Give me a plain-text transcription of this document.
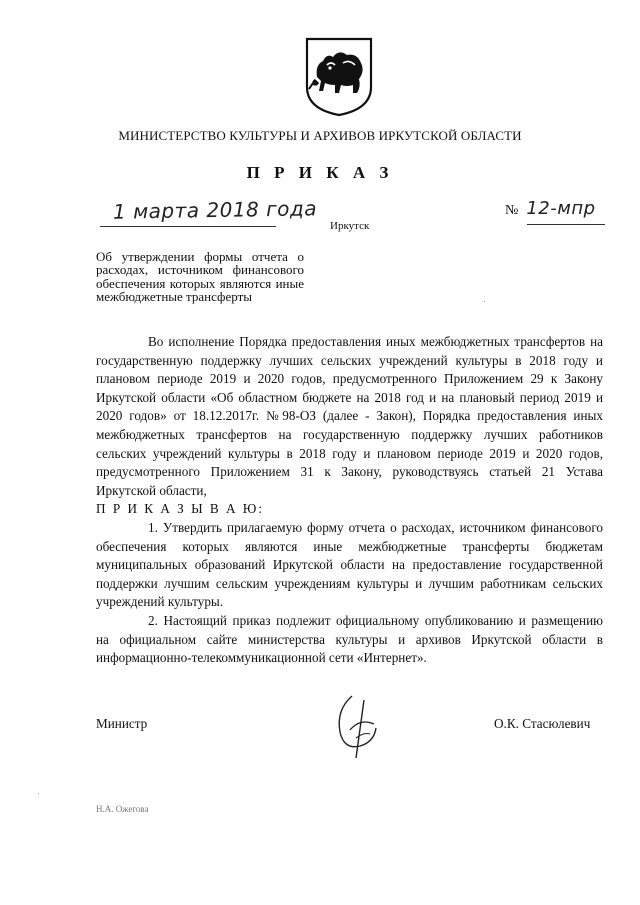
МИНИСТЕРСТВО КУЛЬТУРЫ И АРХИВОВ ИРКУТСКОЙ ОБЛАСТИ
П Р И К А З
1 марта 2018 года
Иркутск
№ 12-мпр
Об утверждении формы отчета о расходах, источником финансового обеспечения которых являются иные межбюджетные трансферты

Во исполнение Порядка предоставления иных межбюджетных трансфертов на государственную поддержку лучших сельских учреждений культуры в 2018 году и плановом периоде 2019 и 2020 годов, предусмотренного Приложением 29 к Закону Иркутской области «Об областном бюджете на 2018 год и на плановый период 2019 и 2020 годов» от 18.12.2017г. №98-ОЗ (далее - Закон), Порядка предоставления иных межбюджетных трансфертов на государственную поддержку лучших работников сельских учреждений культуры в 2018 году и плановом периоде 2019 и 2020 годов, предусмотренного Приложением 31 к Закону, руководствуясь статьей 21 Устава Иркутской области,

П Р И К А З Ы В А Ю:

1. Утвердить прилагаемую форму отчета о расходах, источником финансового обеспечения которых являются иные межбюджетные трансферты бюджетам муниципальных образований Иркутской области на предоставление государственной поддержки лучшим сельским учреждениям культуры и лучшим работникам сельских учреждений культуры.

2. Настоящий приказ подлежит официальному опубликованию и размещению на официальном сайте министерства культуры и архивов Иркутской области в информационно-телекоммуникационной сети «Интернет».

Министр	О.К. Стасюлевич
Н.А. Ожегова
